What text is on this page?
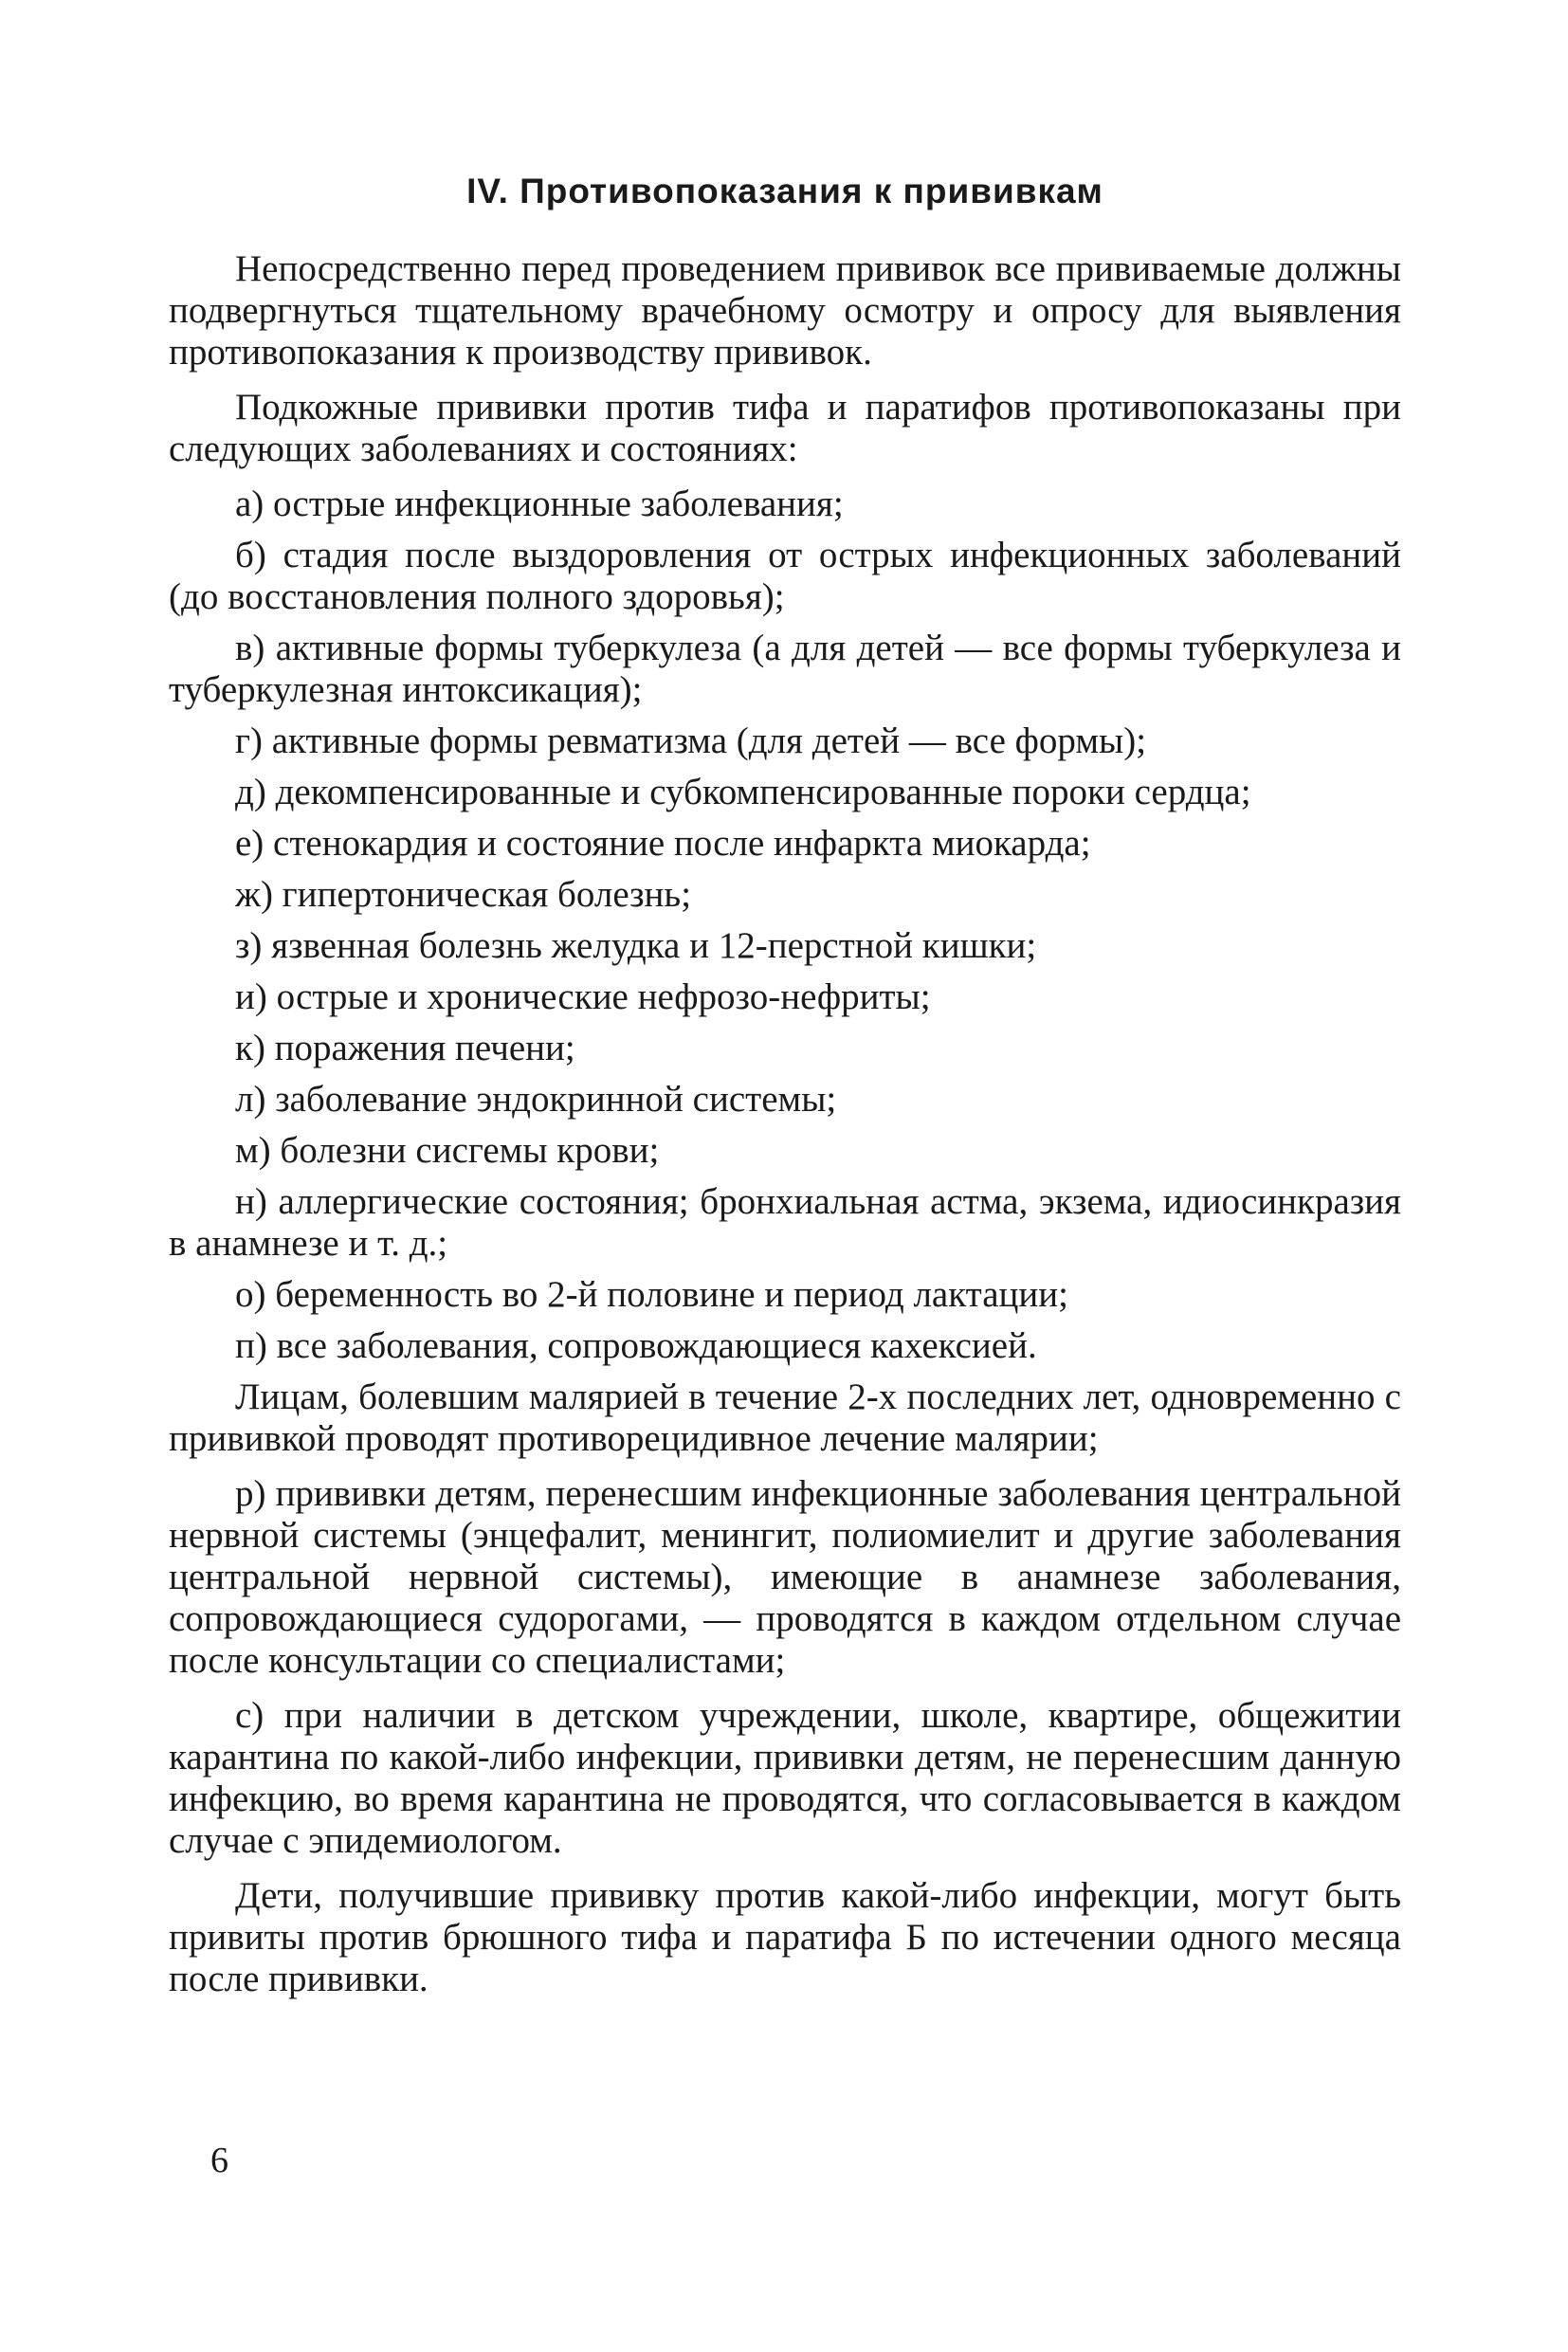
IV. Противопоказания к прививкам

Непосредственно перед проведением прививок все прививаемые должны подвергнуться тщательному врачебному осмотру и опросу для выявления противопоказания к производству прививок.

Подкожные прививки против тифа и паратифов противопоказаны при следующих заболеваниях и состояниях:

а) острые инфекционные заболевания;

б) стадия после выздоровления от острых инфекционных заболеваний (до восстановления полного здоровья);

в) активные формы туберкулеза (а для детей — все формы туберкулеза и туберкулезная интоксикация);

г) активные формы ревматизма (для детей — все формы);

д) декомпенсированные и субкомпенсированные пороки сердца;

е) стенокардия и состояние после инфаркта миокарда;

ж) гипертоническая болезнь;

з) язвенная болезнь желудка и 12-перстной кишки;

и) острые и хронические нефрозо-нефриты;

к) поражения печени;

л) заболевание эндокринной системы;

м) болезни сисгемы крови;

н) аллергические состояния; бронхиальная астма, экзема, идиосинкразия в анамнезе и т. д.;

о) беременность во 2-й половине и период лактации;

п) все заболевания, сопровождающиеся кахексией.

Лицам, болевшим малярией в течение 2-х последних лет, одновременно с прививкой проводят противорецидивное лечение малярии;

р) прививки детям, перенесшим инфекционные заболевания центральной нервной системы (энцефалит, менингит, полиомиелит и другие заболевания центральной нервной системы), имеющие в анамнезе заболевания, сопровождающиеся судорогами, — проводятся в каждом отдельном случае после консультации со специалистами;

с) при наличии в детском учреждении, школе, квартире, общежитии карантина по какой-либо инфекции, прививки детям, не перенесшим данную инфекцию, во время карантина не проводятся, что согласовывается в каждом случае с эпидемиологом.

Дети, получившие прививку против какой-либо инфекции, могут быть привиты против брюшного тифа и паратифа Б по истечении одного месяца после прививки.

6
